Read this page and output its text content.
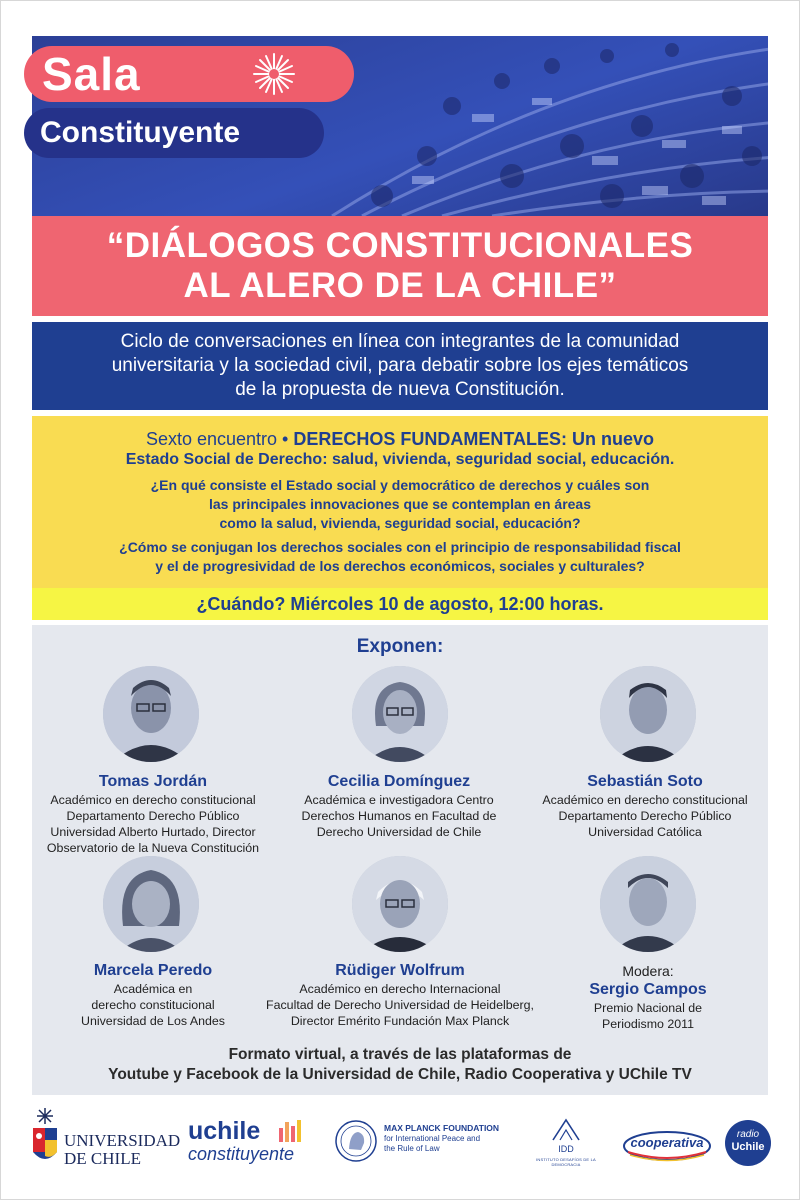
Sala
Constituyente
“DIÁLOGOS CONSTITUCIONALES
AL ALERO DE LA CHILE”
Ciclo de conversaciones en línea con integrantes de la comunidad
universitaria y la sociedad civil, para debatir sobre los ejes temáticos
de la propuesta de nueva Constitución.
Sexto encuentro • DERECHOS FUNDAMENTALES: Un nuevo
Estado Social de Derecho: salud, vivienda, seguridad social, educación.
¿En qué consiste el Estado social y democrático de derechos y cuáles son
las principales innovaciones que se contemplan en áreas
como la salud, vivienda, seguridad social, educación?
¿Cómo se conjugan los derechos sociales con el principio de responsabilidad fiscal
y el de progresividad de los derechos económicos, sociales y culturales?
¿Cuándo? Miércoles 10 de agosto, 12:00 horas.
Exponen:
Tomas Jordán
Académico en derecho constitucional
Departamento Derecho Público
Universidad Alberto Hurtado, Director
Observatorio de la Nueva Constitución
Cecilia Domínguez
Académica e investigadora Centro
Derechos Humanos en Facultad de
Derecho Universidad de Chile
Sebastián Soto
Académico en derecho constitucional
Departamento Derecho Público
Universidad Católica
Marcela Peredo
Académica en
derecho constitucional
Universidad de Los Andes
Rüdiger Wolfrum
Académico en derecho Internacional
Facultad de Derecho Universidad de Heidelberg,
Director Emérito Fundación Max Planck
Modera:
Sergio Campos
Premio Nacional de
Periodismo 2011
Formato virtual, a través de las plataformas de
Youtube y Facebook de la Universidad de Chile, Radio Cooperativa y UChile TV
UNIVERSIDAD
DE CHILE
uchile
constituyente
MAX PLANCK FOUNDATION
for International Peace and
the Rule of Law	IDD
INSTITUTO DESAFÍOS DE LA DEMOCRACIA
cooperativa
radio
Uchile
